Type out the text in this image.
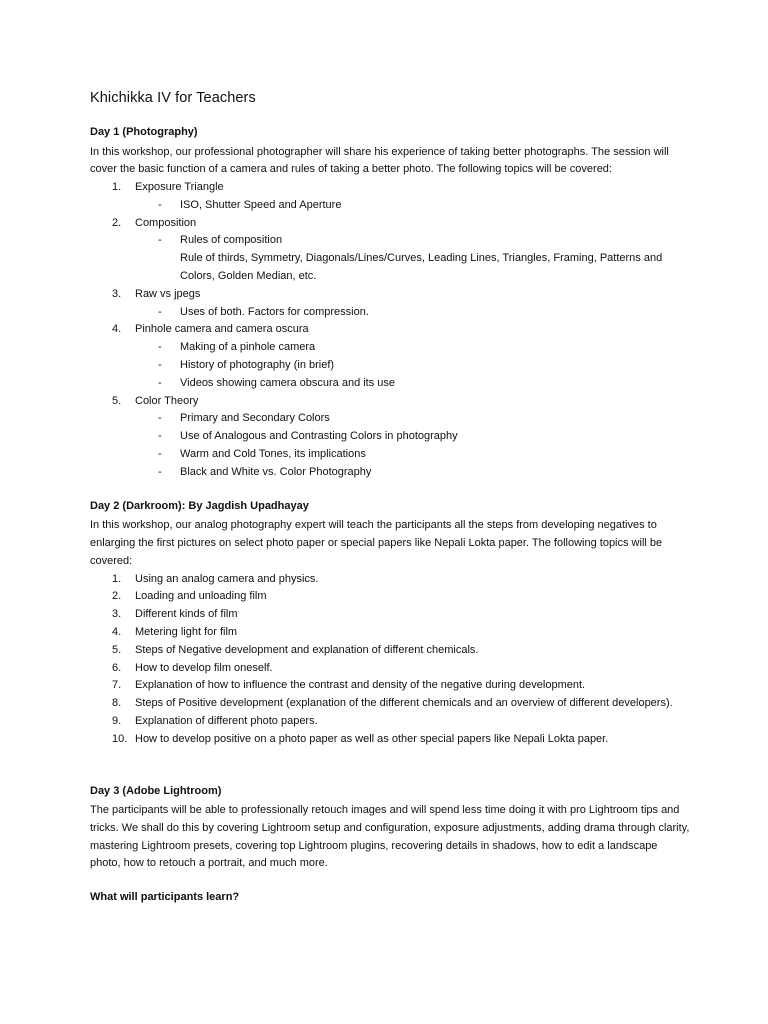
Khichikka IV for Teachers
Day 1 (Photography)

In this workshop, our professional photographer will share his experience of taking better photographs. The session will cover the basic function of a camera and rules of taking a better photo. The following topics will be covered:

1. Exposure Triangle
- ISO, Shutter Speed and Aperture
2. Composition
- Rules of composition
Rule of thirds, Symmetry, Diagonals/Lines/Curves, Leading Lines, Triangles, Framing, Patterns and Colors, Golden Median, etc.
3. Raw vs jpegs
- Uses of both. Factors for compression.
4. Pinhole camera and camera oscura
- Making of a pinhole camera
- History of photography (in brief)
- Videos showing camera obscura and its use
5. Color Theory
- Primary and Secondary Colors
- Use of Analogous and Contrasting Colors in photography
- Warm and Cold Tones, its implications
- Black and White vs. Color Photography
Day 2 (Darkroom): By Jagdish Upadhayay

In this workshop, our analog photography expert will teach the participants all the steps from developing negatives to enlarging the first pictures on select photo paper or special papers like Nepali Lokta paper. The following topics will be covered:

1. Using an analog camera and physics.
2. Loading and unloading film
3. Different kinds of film
4. Metering light for film
5. Steps of Negative development and explanation of different chemicals.
6. How to develop film oneself.
7. Explanation of how to influence the contrast and density of the negative during development.
8. Steps of Positive development (explanation of the different chemicals and an overview of different developers).
9. Explanation of different photo papers.
10. How to develop positive on a photo paper as well as other special papers like Nepali Lokta paper.
Day 3 (Adobe Lightroom)

The participants will be able to professionally retouch images and will spend less time doing it with pro Lightroom tips and tricks. We shall do this by covering Lightroom setup and configuration, exposure adjustments, adding drama through clarity, mastering Lightroom presets, covering top Lightroom plugins, recovering details in shadows, how to edit a landscape photo, how to retouch a portrait, and much more.

What will participants learn?
